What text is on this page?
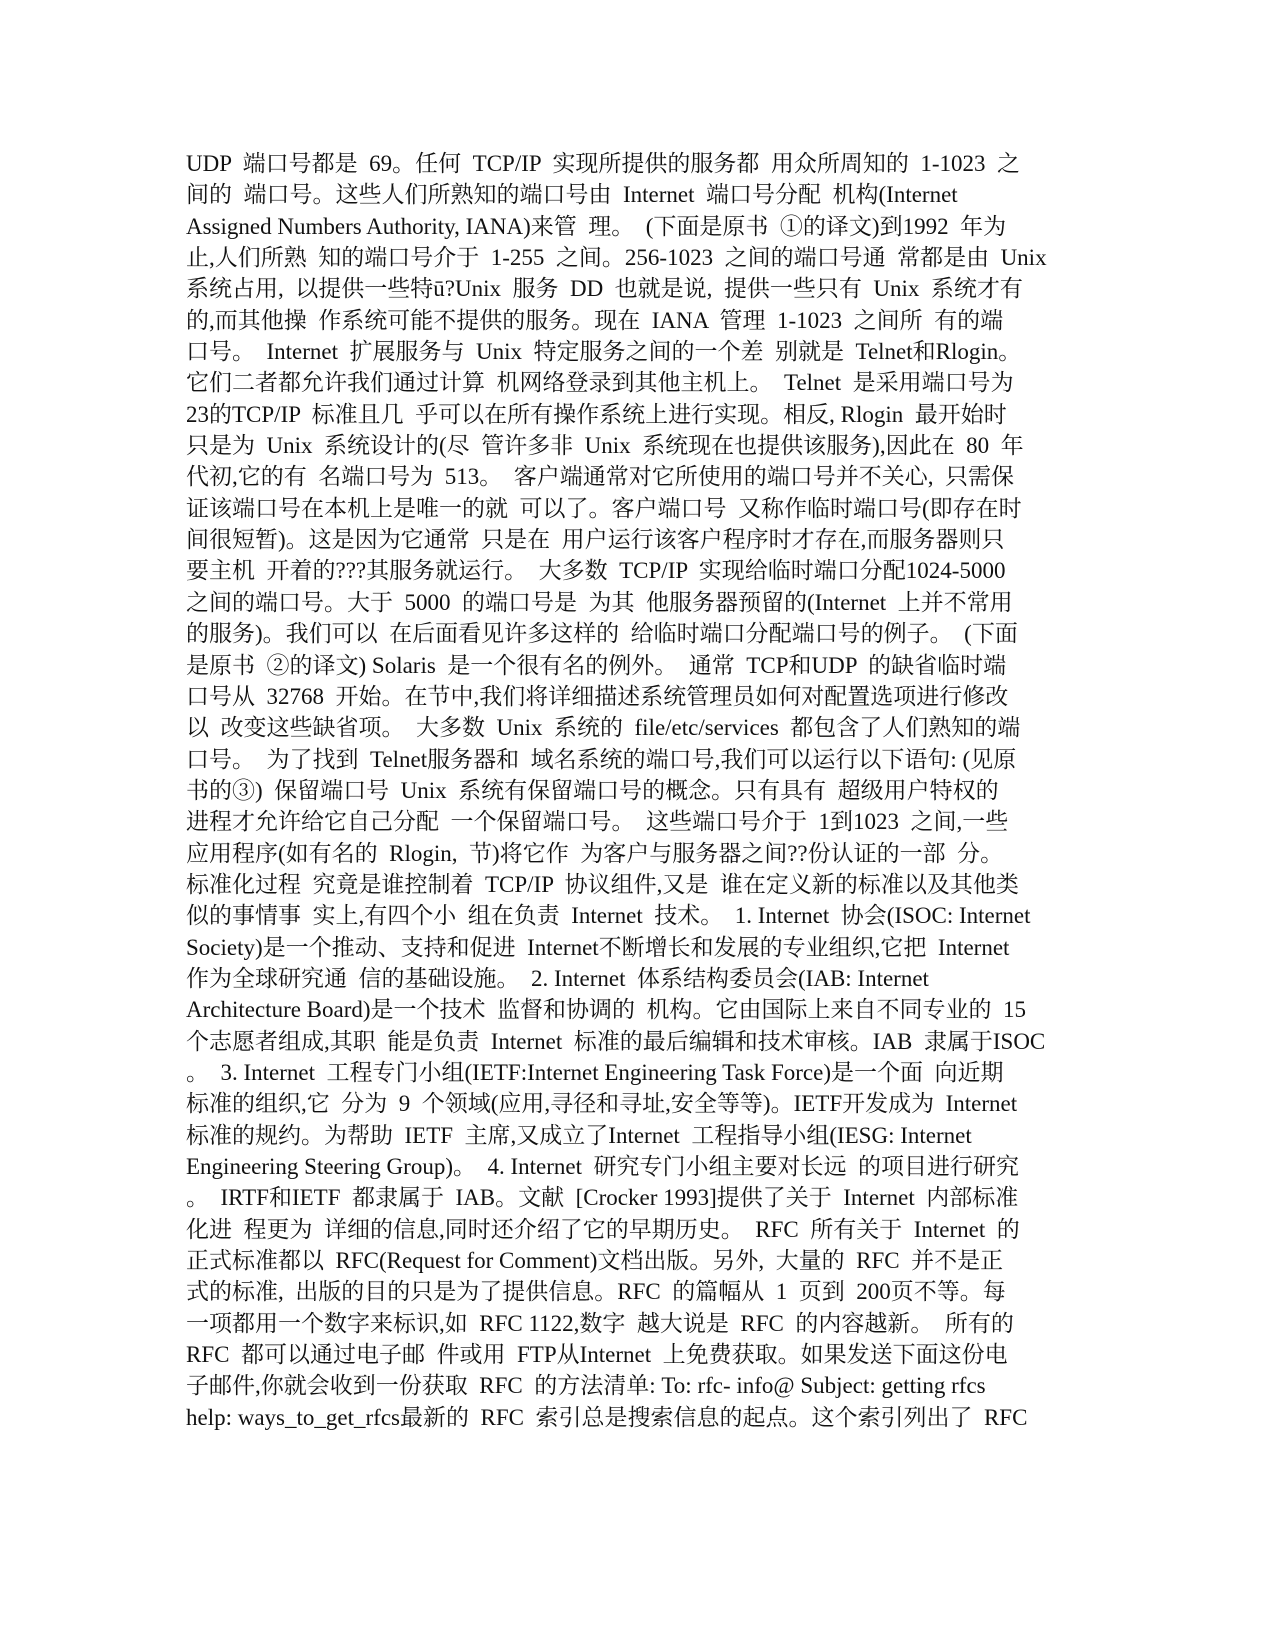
UDP  端口号都是  69。任何  TCP/IP  实现所提供的服务都  用众所周知的  1-1023  之
间的  端口号。这些人们所熟知的端口号由  Internet  端口号分配  机构(Internet
Assigned Numbers Authority, IANA)来管  理。  (下面是原书  ①的译文)到1992  年为
止,人们所熟  知的端口号介于  1-255  之间。256-1023  之间的端口号通  常都是由  Unix
系统占用,  以提供一些特ū?Unix  服务  DD  也就是说,  提供一些只有  Unix  系统才有
的,而其他操  作系统可能不提供的服务。现在  IANA  管理  1-1023  之间所  有的端
口号。  Internet  扩展服务与  Unix  特定服务之间的一个差  别就是  Telnet和Rlogin。
它们二者都允许我们通过计算  机网络登录到其他主机上。  Telnet  是采用端口号为
23的TCP/IP  标准且几  乎可以在所有操作系统上进行实现。相反, Rlogin  最开始时
只是为  Unix  系统设计的(尽  管许多非  Unix  系统现在也提供该服务),因此在  80  年
代初,它的有  名端口号为  513。  客户端通常对它所使用的端口号并不关心,  只需保
证该端口号在本机上是唯一的就  可以了。客户端口号  又称作临时端口号(即存在时
间很短暂)。这是因为它通常  只是在  用户运行该客户程序时才存在,而服务器则只
要主机  开着的???其服务就运行。  大多数  TCP/IP  实现给临时端口分配1024-5000
之间的端口号。大于  5000  的端口号是  为其  他服务器预留的(Internet  上并不常用
的服务)。我们可以  在后面看见许多这样的  给临时端口分配端口号的例子。  (下面
是原书  ②的译文) Solaris  是一个很有名的例外。  通常  TCP和UDP  的缺省临时端
口号从  32768  开始。在节中,我们将详细描述系统管理员如何对配置选项进行修改
以  改变这些缺省项。  大多数  Unix  系统的  file/etc/services  都包含了人们熟知的端
口号。  为了找到  Telnet服务器和  域名系统的端口号,我们可以运行以下语句: (见原
书的③)  保留端口号  Unix  系统有保留端口号的概念。只有具有  超级用户特权的
进程才允许给它自己分配  一个保留端口号。  这些端口号介于  1到1023  之间,一些
应用程序(如有名的  Rlogin,  节)将它作  为客户与服务器之间??份认证的一部  分。
标准化过程  究竟是谁控制着  TCP/IP  协议组件,又是  谁在定义新的标准以及其他类
似的事情事  实上,有四个小  组在负责  Internet  技术。  1. Internet  协会(ISOC: Internet
Society)是一个推动、支持和促进  Internet不断增长和发展的专业组织,它把  Internet
作为全球研究通  信的基础设施。  2. Internet  体系结构委员会(IAB: Internet
Architecture Board)是一个技术  监督和协调的  机构。它由国际上来自不同专业的  15
个志愿者组成,其职  能是负责  Internet  标准的最后编辑和技术审核。IAB  隶属于ISOC
。  3. Internet  工程专门小组(IETF:Internet Engineering Task Force)是一个面  向近期
标准的组织,它  分为  9  个领域(应用,寻径和寻址,安全等等)。IETF开发成为  Internet
标准的规约。为帮助  IETF  主席,又成立了Internet  工程指导小组(IESG: Internet
Engineering Steering Group)。  4. Internet  研究专门小组主要对长远  的项目进行研究
。  IRTF和IETF  都隶属于  IAB。文献  [Crocker 1993]提供了关于  Internet  内部标准
化进  程更为  详细的信息,同时还介绍了它的早期历史。  RFC  所有关于  Internet  的
正式标准都以  RFC(Request for Comment)文档出版。另外,  大量的  RFC  并不是正
式的标准,  出版的目的只是为了提供信息。RFC  的篇幅从  1  页到  200页不等。每
一项都用一个数字来标识,如  RFC 1122,数字  越大说是  RFC  的内容越新。  所有的
RFC  都可以通过电子邮  件或用  FTP从Internet  上免费获取。如果发送下面这份电
子邮件,你就会收到一份获取  RFC  的方法清单: To: rfc- info@ Subject: getting rfcs
help: ways_to_get_rfcs最新的  RFC  索引总是搜索信息的起点。这个索引列出了  RFC
